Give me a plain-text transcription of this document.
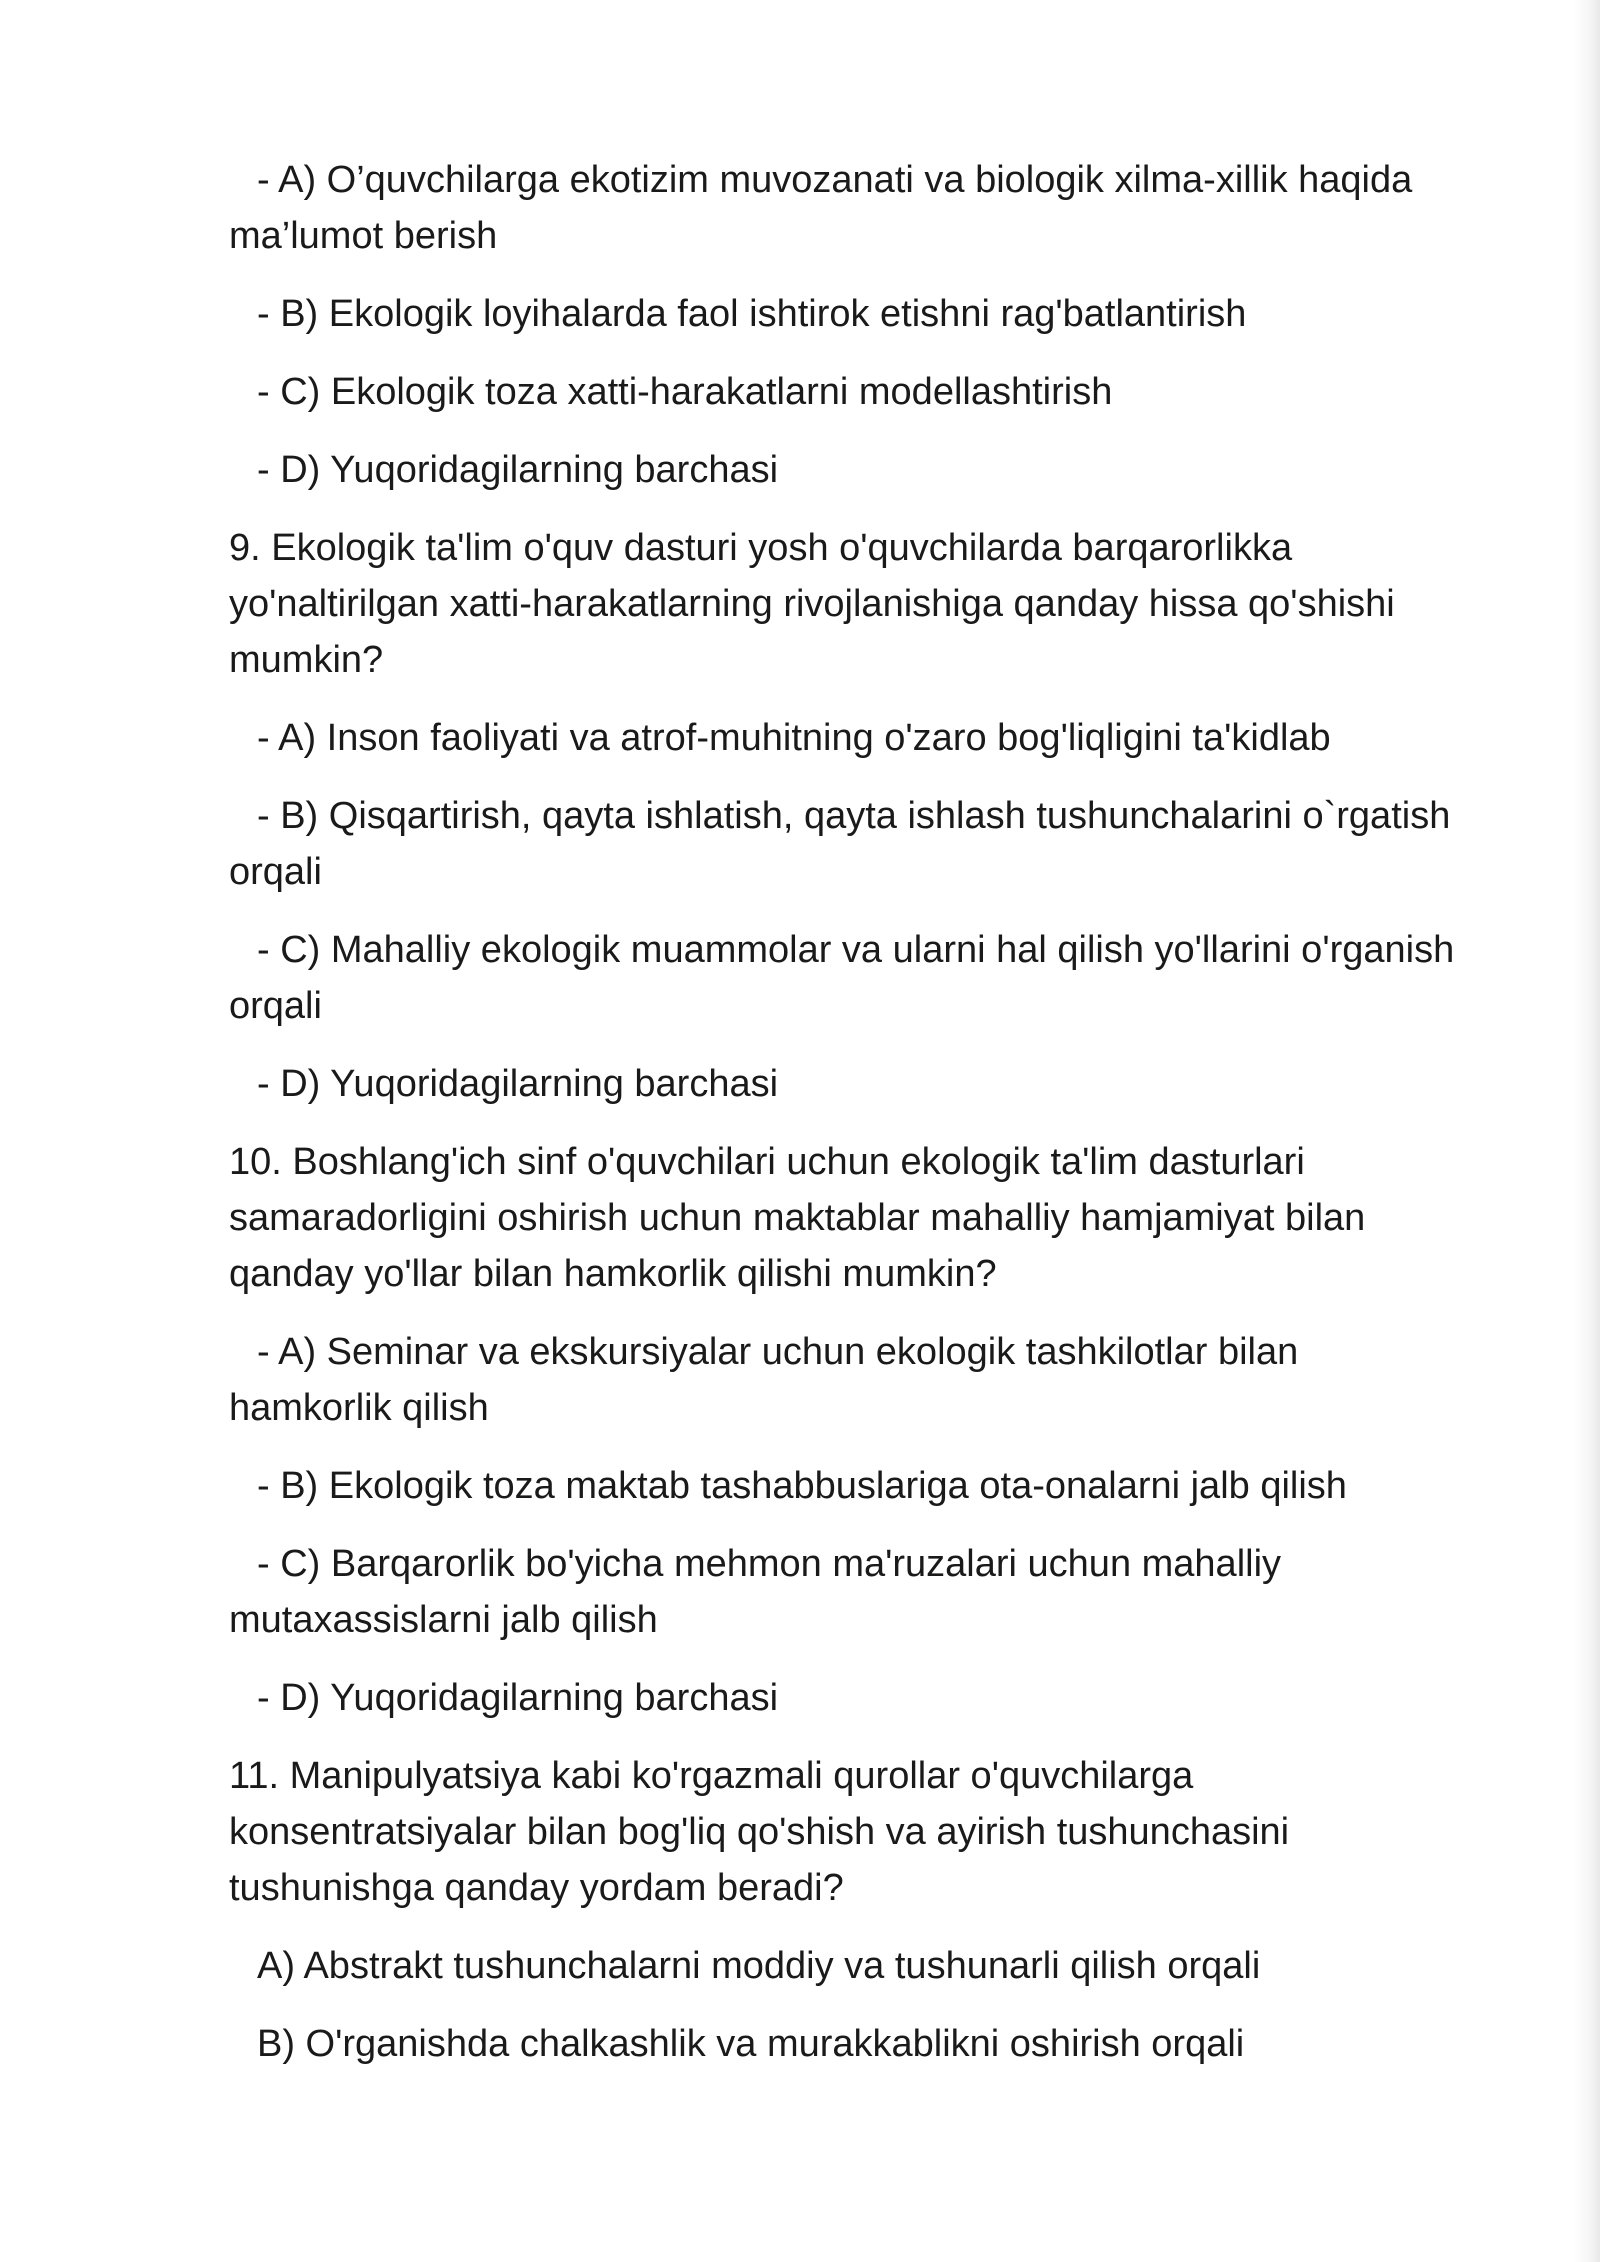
- A) O’quvchilarga ekotizim muvozanati va biologik xilma-xillik haqida ma’lumot berish

- B) Ekologik loyihalarda faol ishtirok etishni rag'batlantirish

- C) Ekologik toza xatti-harakatlarni modellashtirish

- D) Yuqoridagilarning barchasi

9. Ekologik ta'lim o'quv dasturi yosh o'quvchilarda barqarorlikka yo'naltirilgan xatti-harakatlarning rivojlanishiga qanday hissa qo'shishi mumkin?

- A) Inson faoliyati va atrof-muhitning o'zaro bog'liqligini ta'kidlab

- B) Qisqartirish, qayta ishlatish, qayta ishlash tushunchalarini o`rgatish orqali

- C) Mahalliy ekologik muammolar va ularni hal qilish yo'llarini o'rganish orqali

- D) Yuqoridagilarning barchasi

10. Boshlang'ich sinf o'quvchilari uchun ekologik ta'lim dasturlari samaradorligini oshirish uchun maktablar mahalliy hamjamiyat bilan qanday yo'llar bilan hamkorlik qilishi mumkin?

- A) Seminar va ekskursiyalar uchun ekologik tashkilotlar bilan hamkorlik qilish

- B) Ekologik toza maktab tashabbuslariga ota-onalarni jalb qilish

- C) Barqarorlik bo'yicha mehmon ma'ruzalari uchun mahalliy mutaxassislarni jalb qilish

- D) Yuqoridagilarning barchasi

11. Manipulyatsiya kabi ko'rgazmali qurollar o'quvchilarga konsentratsiyalar bilan bog'liq qo'shish va ayirish tushunchasini tushunishga qanday yordam beradi?

A) Abstrakt tushunchalarni moddiy va tushunarli qilish orqali

B) O'rganishda chalkashlik va murakkablikni oshirish orqali
